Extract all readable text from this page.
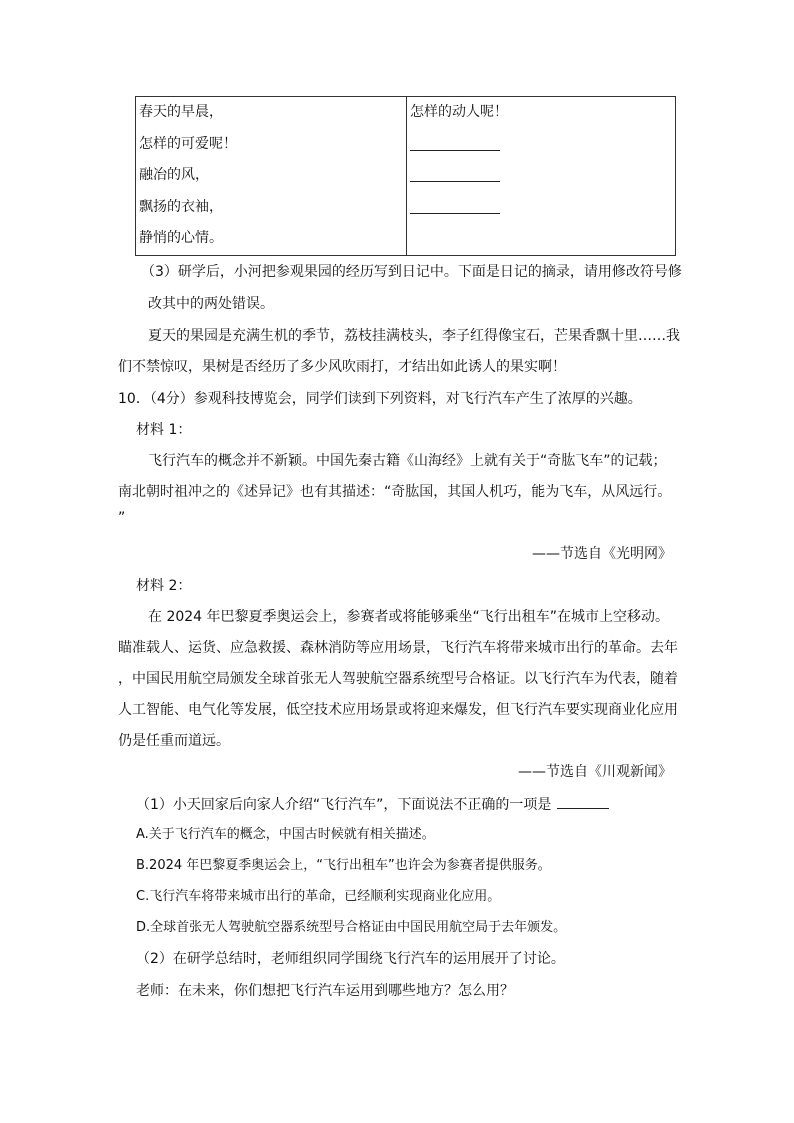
春天的早晨，
怎样的可爱呢！
融冶的风，
飘扬的衣袖，
静悄的心情。

怎样的动人呢！
（3）研学后，小河把参观果园的经历写到日记中。下面是日记的摘录，请用修改符号修
改其中的两处错误。
夏天的果园是充满生机的季节，荔枝挂满枝头，李子红得像宝石，芒果香飘十里……我
们不禁惊叹，果树是否经历了多少风吹雨打，才结出如此诱人的果实啊！
10．（4分）参观科技博览会，同学们读到下列资料，对飞行汽车产生了浓厚的兴趣。
材料 1：
飞行汽车的概念并不新颖。中国先秦古籍《山海经》上就有关于“奇肱飞车”的记载；
南北朝时祖冲之的《述异记》也有其描述：“奇肱国，其国人机巧，能为飞车，从风远行。
”
——节选自《光明网》
材料 2：
在 2024 年巴黎夏季奥运会上，参赛者或将能够乘坐“飞行出租车”在城市上空移动。
瞄准载人、运货、应急救援、森林消防等应用场景，飞行汽车将带来城市出行的革命。去年
，中国民用航空局颁发全球首张无人驾驶航空器系统型号合格证。以飞行汽车为代表，随着
人工智能、电气化等发展，低空技术应用场景或将迎来爆发，但飞行汽车要实现商业化应用
仍是任重而道远。
——节选自《川观新闻》
（1）小天回家后向家人介绍“飞行汽车”，下面说法不正确的一项是
A.关于飞行汽车的概念，中国古时候就有相关描述。
B.2024 年巴黎夏季奥运会上，“飞行出租车”也许会为参赛者提供服务。
C.飞行汽车将带来城市出行的革命，已经顺利实现商业化应用。
D.全球首张无人驾驶航空器系统型号合格证由中国民用航空局于去年颁发。
（2）在研学总结时，老师组织同学围绕飞行汽车的运用展开了讨论。
老师：在未来，你们想把飞行汽车运用到哪些地方？怎么用？
